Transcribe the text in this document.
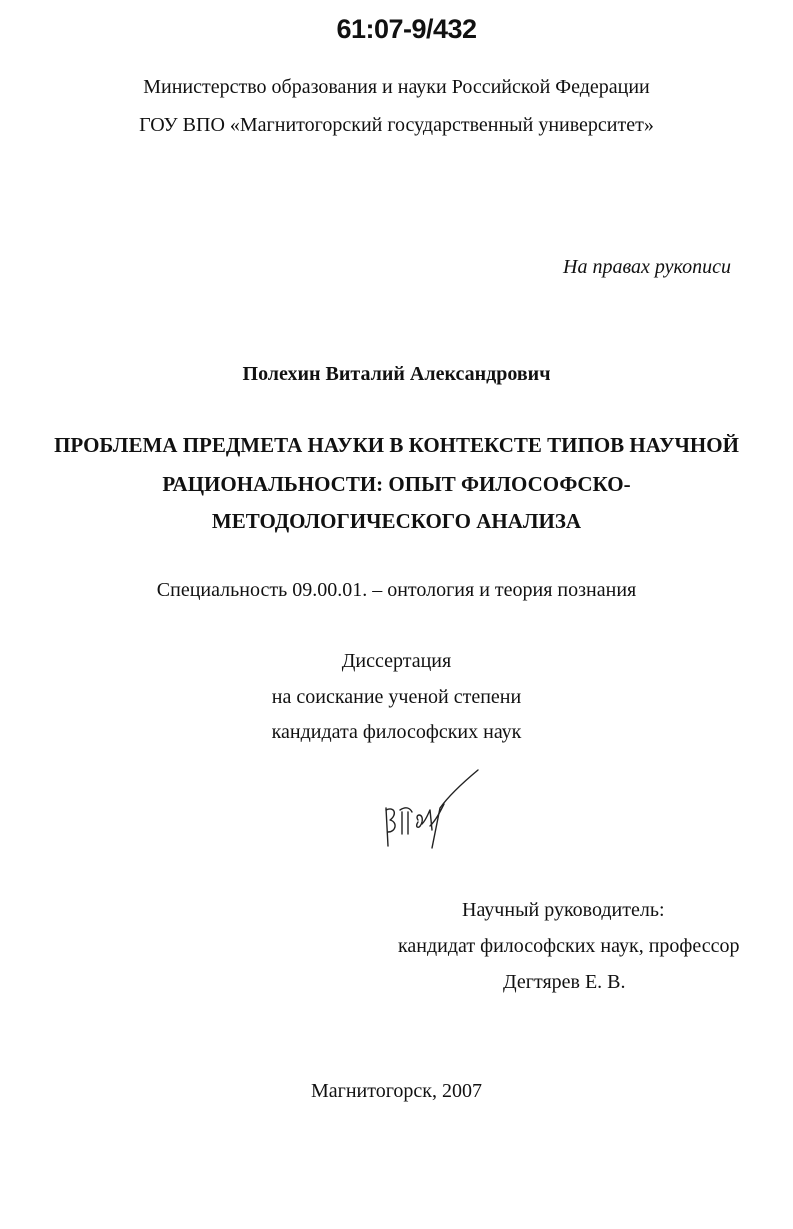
61:07-9/432
Министерство образования и науки Российской Федерации
ГОУ ВПО «Магнитогорский государственный университет»
На правах рукописи
Полехин Виталий Александрович
ПРОБЛЕМА ПРЕДМЕТА НАУКИ В КОНТЕКСТЕ ТИПОВ НАУЧНОЙ
РАЦИОНАЛЬНОСТИ: ОПЫТ ФИЛОСОФСКО-
МЕТОДОЛОГИЧЕСКОГО АНАЛИЗА
Специальность 09.00.01. – онтология и теория познания
Диссертация
на соискание ученой степени
кандидата философских наук
Научный руководитель:
кандидат философских наук, профессор
Дегтярев Е. В.
Магнитогорск, 2007
